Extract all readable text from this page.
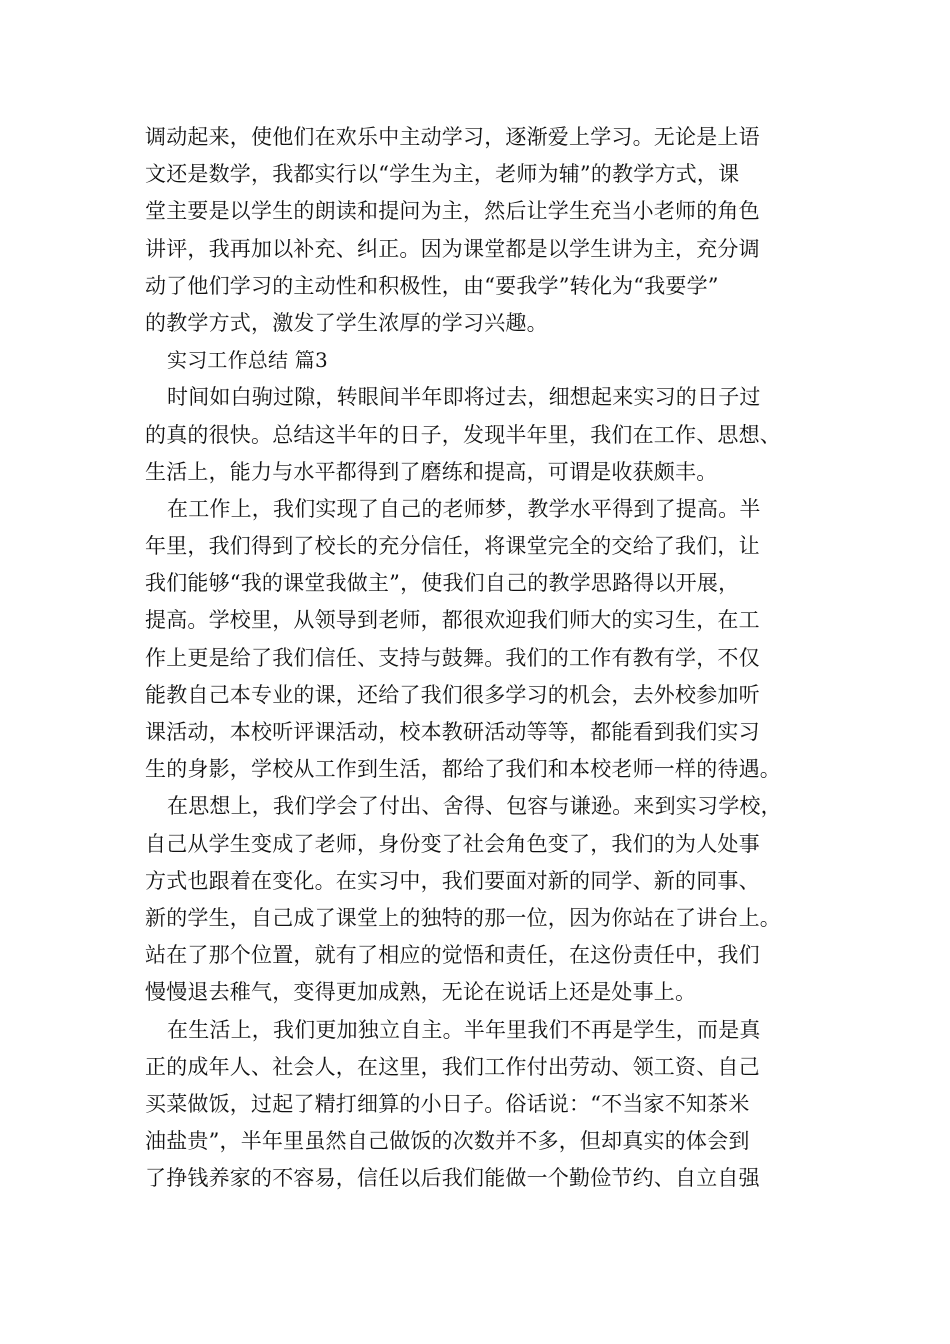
调动起来，使他们在欢乐中主动学习，逐渐爱上学习。无论是上语
文还是数学，我都实行以“学生为主，老师为辅”的教学方式，课
堂主要是以学生的朗读和提问为主，然后让学生充当小老师的角色
讲评，我再加以补充、纠正。因为课堂都是以学生讲为主，充分调
动了他们学习的主动性和积极性，由“要我学”转化为“我要学”
的教学方式，激发了学生浓厚的学习兴趣。
实习工作总结 篇3
时间如白驹过隙，转眼间半年即将过去，细想起来实习的日子过
的真的很快。总结这半年的日子，发现半年里，我们在工作、思想、
生活上，能力与水平都得到了磨练和提高，可谓是收获颇丰。
在工作上，我们实现了自己的老师梦，教学水平得到了提高。半
年里，我们得到了校长的充分信任，将课堂完全的交给了我们，让
我们能够“我的课堂我做主”，使我们自己的教学思路得以开展，
提高。学校里，从领导到老师，都很欢迎我们师大的实习生，在工
作上更是给了我们信任、支持与鼓舞。我们的工作有教有学，不仅
能教自己本专业的课，还给了我们很多学习的机会，去外校参加听
课活动，本校听评课活动，校本教研活动等等，都能看到我们实习
生的身影，学校从工作到生活，都给了我们和本校老师一样的待遇。
在思想上，我们学会了付出、舍得、包容与谦逊。来到实习学校，
自己从学生变成了老师，身份变了社会角色变了，我们的为人处事
方式也跟着在变化。在实习中，我们要面对新的同学、新的同事、
新的学生，自己成了课堂上的独特的那一位，因为你站在了讲台上。
站在了那个位置，就有了相应的觉悟和责任，在这份责任中，我们
慢慢退去稚气，变得更加成熟，无论在说话上还是处事上。
在生活上，我们更加独立自主。半年里我们不再是学生，而是真
正的成年人、社会人，在这里，我们工作付出劳动、领工资、自己
买菜做饭，过起了精打细算的小日子。俗话说：“不当家不知茶米
油盐贵”，半年里虽然自己做饭的次数并不多，但却真实的体会到
了挣钱养家的不容易，信任以后我们能做一个勤俭节约、自立自强
